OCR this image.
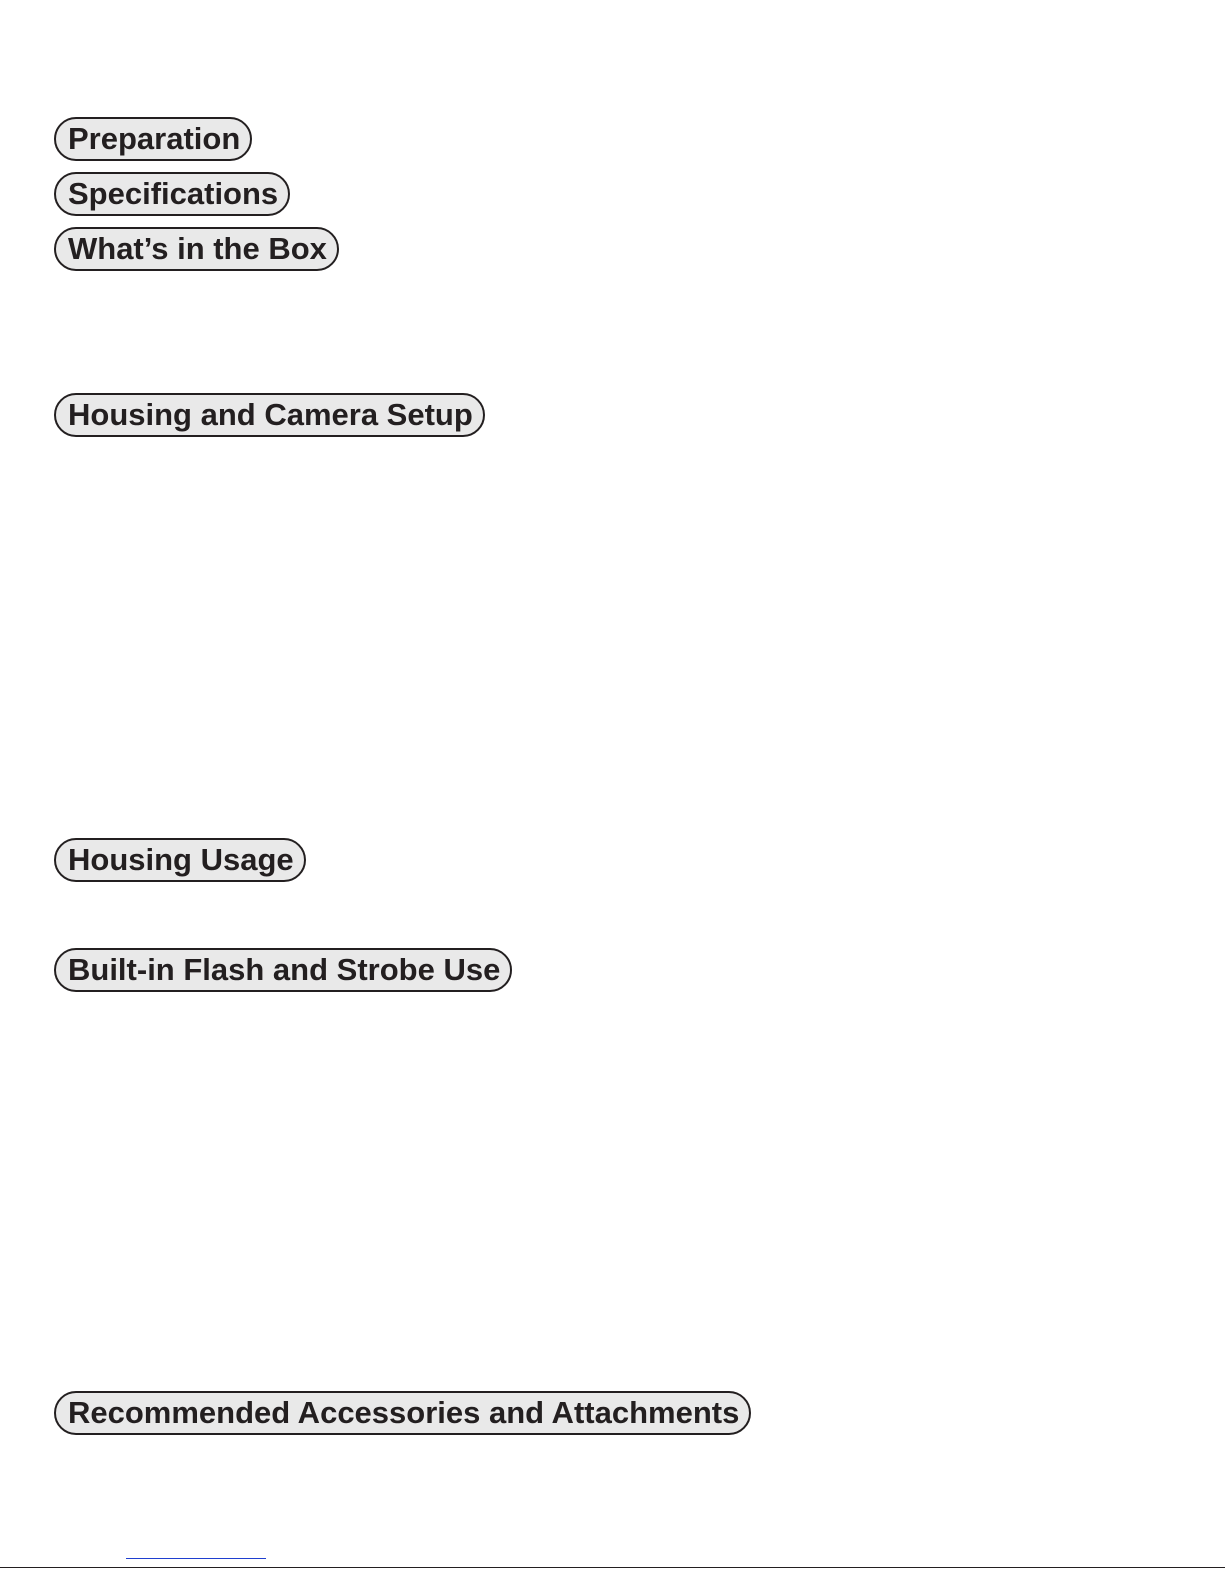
Preparation
Specifications
What’s in the Box
Housing and Camera Setup
Housing Usage
Built-in Flash and Strobe Use
Recommended Accessories and Attachments
